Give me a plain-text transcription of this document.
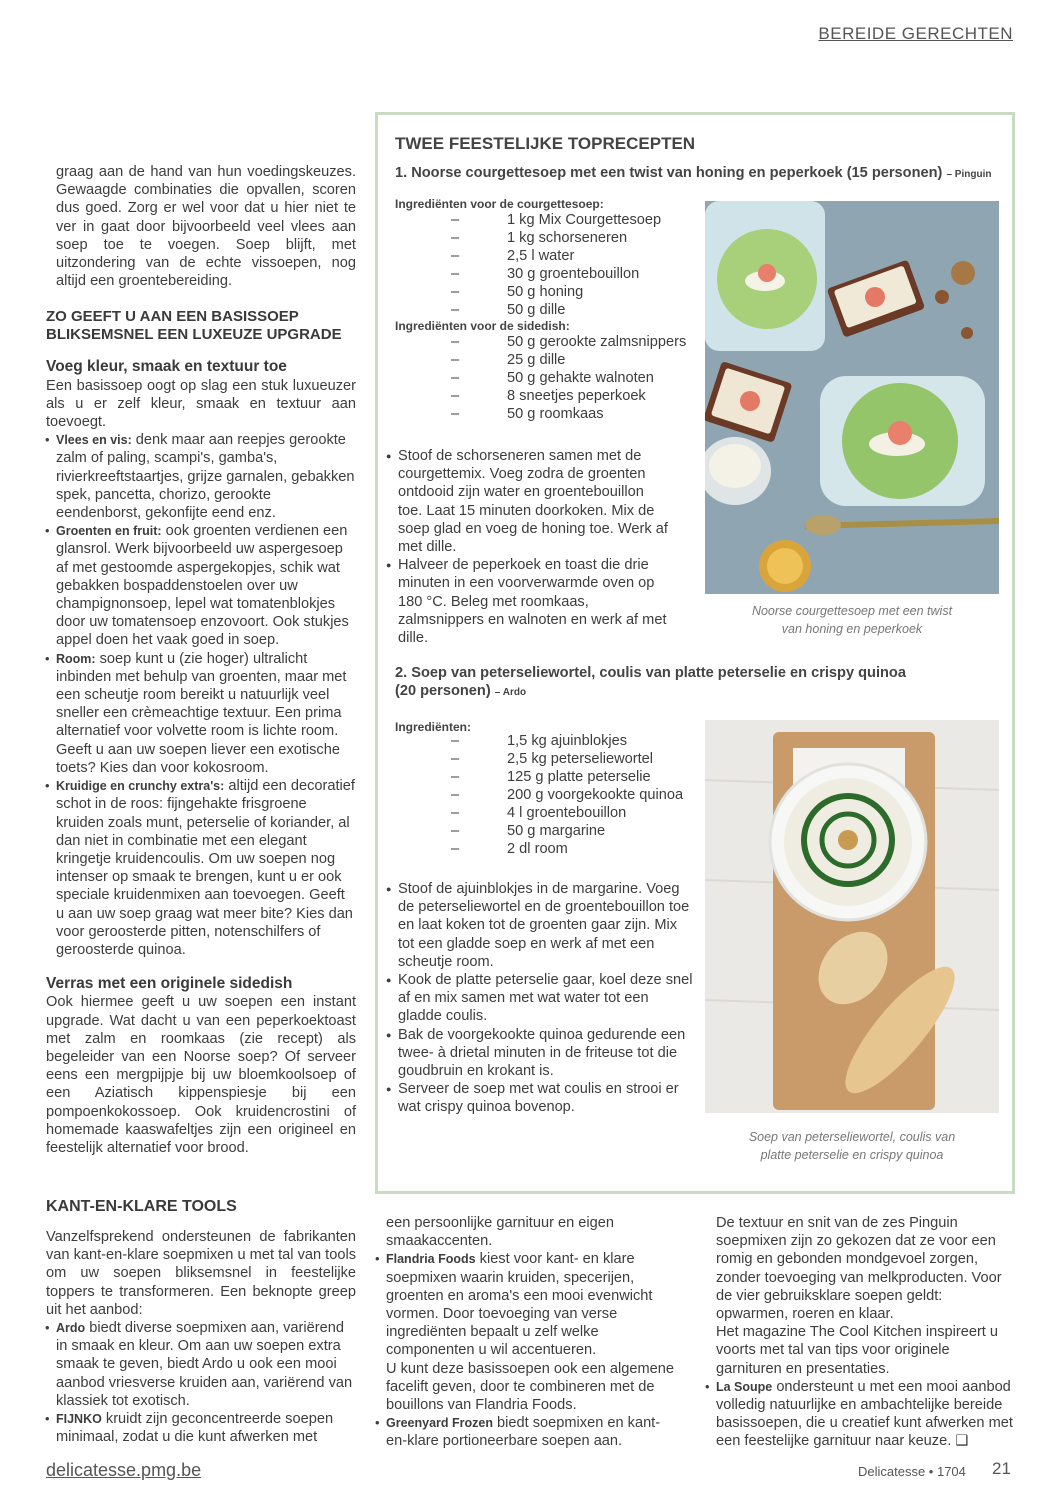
BEREIDE GERECHTEN

graag aan de hand van hun voedingskeuzes. Gewaagde combinaties die opvallen, scoren dus goed. Zorg er wel voor dat u hier niet te ver in gaat door bijvoorbeeld veel vlees aan soep toe te voegen. Soep blijft, met uitzondering van de echte vissoepen, nog altijd een groentebereiding.

ZO GEEFT U AAN EEN BASISSOEP BLIKSEMSNEL EEN LUXEUZE UPGRADE

Voeg kleur, smaak en textuur toe

Een basissoep oogt op slag een stuk luxueuzer als u er zelf kleur, smaak en textuur aan toevoegt.

• Vlees en vis: denk maar aan reepjes gerookte zalm of paling, scampi's, gamba's, rivierkreeftstaartjes, grijze garnalen, gebakken spek, pancetta, chorizo, gerookte eendenborst, gekonfijte eend enz.
• Groenten en fruit: ook groenten verdienen een glansrol. Werk bijvoorbeeld uw aspergesoep af met gestoomde aspergekopjes, schik wat gebakken bospaddenstoelen over uw champignonsoep, lepel wat tomatenblokjes door uw tomatensoep enzovoort. Ook stukjes appel doen het vaak goed in soep.
• Room: soep kunt u (zie hoger) ultralicht inbinden met behulp van groenten, maar met een scheutje room bereikt u natuurlijk veel sneller een crèmeachtige textuur. Een prima alternatief voor volvette room is lichte room. Geeft u aan uw soepen liever een exotische toets? Kies dan voor kokosroom.
• Kruidige en crunchy extra's: altijd een decoratief schot in de roos: fijngehakte frisgroene kruiden zoals munt, peterselie of koriander, al dan niet in combinatie met een elegant kringetje kruidencoulis. Om uw soepen nog intenser op smaak te brengen, kunt u er ook speciale kruidenmixen aan toevoegen. Geeft u aan uw soep graag wat meer bite? Kies dan voor geroosterde pitten, notenschilfers of geroosterde quinoa.

Verras met een originele sidedish

Ook hiermee geeft u uw soepen een instant upgrade. Wat dacht u van een peperkoektoast met zalm en roomkaas (zie recept) als begeleider van een Noorse soep? Of serveer eens een mergpijpje bij uw bloemkoolsoep of een Aziatisch kippenspiesje bij een pompoenkokossoep. Ook kruidencrostini of homemade kaaswafeltjes zijn een origineel en feestelijk alternatief voor brood.

KANT-EN-KLARE TOOLS

Vanzelfsprekend ondersteunen de fabrikanten van kant-en-klare soepmixen u met tal van tools om uw soepen bliksemsnel in feestelijke toppers te transformeren. Een beknopte greep uit het aanbod:

• Ardo biedt diverse soepmixen aan, variërend in smaak en kleur. Om aan uw soepen extra smaak te geven, biedt Ardo u ook een mooi aanbod vriesverse kruiden aan, variërend van klassiek tot exotisch.
• FIJNKO kruidt zijn geconcentreerde soepen minimaal, zodat u die kunt afwerken met
TWEE FEESTELIJKE TOPRECEPTEN
1. Noorse courgettesoep met een twist van honing en peperkoek (15 personen) – Pinguin
Ingrediënten voor de courgettesoep:
– 1 kg Mix Courgettesoep
– 1 kg schorseneren
– 2,5 l water
– 30 g groentebouillon
– 50 g honing
– 50 g dille
Ingrediënten voor de sidedish:
– 50 g gerookte zalmsnippers
– 25 g dille
– 50 g gehakte walnoten
– 8 sneetjes peperkoek
– 50 g roomkaas
● Stoof de schorseneren samen met de courgettemix. Voeg zodra de groenten ontdooid zijn water en groentebouillon toe. Laat 15 minuten doorkoken. Mix de soep glad en voeg de honing toe. Werk af met dille.
● Halveer de peperkoek en toast die drie minuten in een voorverwarmde oven op 180 °C. Beleg met roomkaas, zalmsnippers en walnoten en werk af met dille.
Noorse courgettesoep met een twist
van honing en peperkoek
2. Soep van peterseliewortel, coulis van platte peterselie en crispy quinoa
(20 personen) – Ardo
Ingrediënten:
– 1,5 kg ajuinblokjes
– 2,5 kg peterseliewortel
– 125 g platte peterselie
– 200 g voorgekookte quinoa
– 4 l groentebouillon
– 50 g margarine
– 2 dl room
● Stoof de ajuinblokjes in de margarine. Voeg de peterseliewortel en de groentebouillon toe en laat koken tot de groenten gaar zijn. Mix tot een gladde soep en werk af met een scheutje room.
● Kook de platte peterselie gaar, koel deze snel af en mix samen met wat water tot een gladde coulis.
● Bak de voorgekookte quinoa gedurende een twee- à drietal minuten in de friteuse tot die goudbruin en krokant is.
● Serveer de soep met wat coulis en strooi er wat crispy quinoa bovenop.
Soep van peterseliewortel, coulis van
platte peterselie en crispy quinoa

een persoonlijke garnituur en eigen smaakaccenten.

• Flandria Foods kiest voor kant- en klare soepmixen waarin kruiden, specerijen, groenten en aroma's een mooi evenwicht vormen. Door toevoeging van verse ingrediënten bepaalt u zelf welke componenten u wil accentueren.

U kunt deze basissoepen ook een algemene facelift geven, door te combineren met de bouillons van Flandria Foods.

• Greenyard Frozen biedt soepmixen en kant-en-klare portioneerbare soepen aan.

De textuur en snit van de zes Pinguin soepmixen zijn zo gekozen dat ze voor een romig en gebonden mondgevoel zorgen, zonder toevoeging van melkproducten. Voor de vier gebruiksklare soepen geldt: opwarmen, roeren en klaar.

Het magazine The Cool Kitchen inspireert u voorts met tal van tips voor originele garnituren en presentaties.

• La Soupe ondersteunt u met een mooi aanbod volledig natuurlijke en ambachtelijke bereide basissoepen, die u creatief kunt afwerken met een feestelijke garnituur naar keuze. ❑
delicatesse.pmg.be	Delicatesse • 1704 21
